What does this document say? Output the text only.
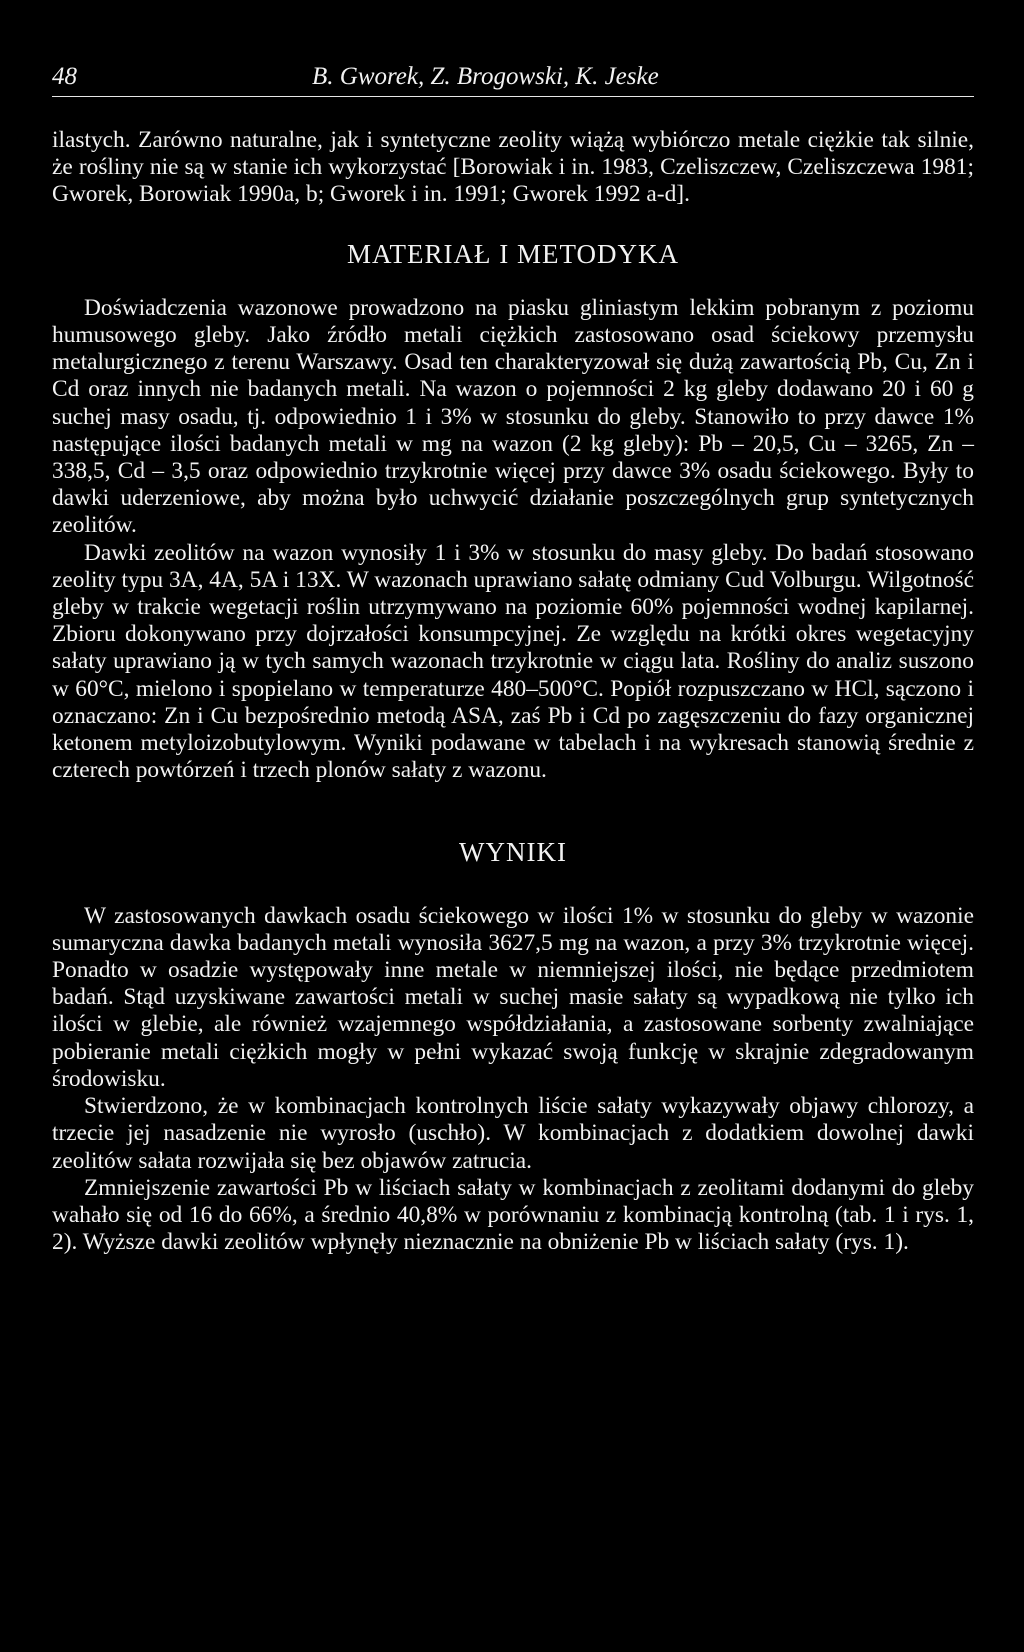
48	B. Gworek, Z. Brogowski, K. Jeske

ilastych. Zarówno naturalne, jak i syntetyczne zeolity wiążą wybiórczo metale ciężkie tak silnie, że rośliny nie są w stanie ich wykorzystać [Borowiak i in. 1983, Czeliszczew, Czeliszczewa 1981; Gworek, Borowiak 1990a, b; Gworek i in. 1991; Gworek 1992 a-d].

MATERIAŁ I METODYKA

Doświadczenia wazonowe prowadzono na piasku gliniastym lekkim pobranym z poziomu humusowego gleby. Jako źródło metali ciężkich zastosowano osad ściekowy przemysłu metalurgicznego z terenu Warszawy. Osad ten charakteryzował się dużą zawartością Pb, Cu, Zn i Cd oraz innych nie badanych metali. Na wazon o pojemności 2 kg gleby dodawano 20 i 60 g suchej masy osadu, tj. odpowiednio 1 i 3% w stosunku do gleby. Stanowiło to przy dawce 1% następujące ilości badanych metali w mg na wazon (2 kg gleby): Pb – 20,5, Cu – 3265, Zn – 338,5, Cd – 3,5 oraz odpowiednio trzykrotnie więcej przy dawce 3% osadu ściekowego. Były to dawki uderzeniowe, aby można było uchwycić działanie poszczególnych grup syntetycznych zeolitów.

Dawki zeolitów na wazon wynosiły 1 i 3% w stosunku do masy gleby. Do badań stosowano zeolity typu 3A, 4A, 5A i 13X. W wazonach uprawiano sałatę odmiany Cud Volburgu. Wilgotność gleby w trakcie wegetacji roślin utrzymywano na poziomie 60% pojemności wodnej kapilarnej. Zbioru dokonywano przy dojrzałości konsumpcyjnej. Ze względu na krótki okres wegetacyjny sałaty uprawiano ją w tych samych wazonach trzykrotnie w ciągu lata. Rośliny do analiz suszono w 60°C, mielono i spopielano w temperaturze 480–500°C. Popiół rozpuszczano w HCl, sączono i oznaczano: Zn i Cu bezpośrednio metodą ASA, zaś Pb i Cd po zagęszczeniu do fazy organicznej ketonem metyloizobutylowym. Wyniki podawane w tabelach i na wykresach stanowią średnie z czterech powtórzeń i trzech plonów sałaty z wazonu.

WYNIKI

W zastosowanych dawkach osadu ściekowego w ilości 1% w stosunku do gleby w wazonie sumaryczna dawka badanych metali wynosiła 3627,5 mg na wazon, a przy 3% trzykrotnie więcej. Ponadto w osadzie występowały inne metale w niemniejszej ilości, nie będące przedmiotem badań. Stąd uzyskiwane zawartości metali w suchej masie sałaty są wypadkową nie tylko ich ilości w glebie, ale również wzajemnego współdziałania, a zastosowane sorbenty zwalniające pobieranie metali ciężkich mogły w pełni wykazać swoją funkcję w skrajnie zdegradowanym środowisku.

Stwierdzono, że w kombinacjach kontrolnych liście sałaty wykazywały objawy chlorozy, a trzecie jej nasadzenie nie wyrosło (uschło). W kombinacjach z dodatkiem dowolnej dawki zeolitów sałata rozwijała się bez objawów zatrucia.

Zmniejszenie zawartości Pb w liściach sałaty w kombinacjach z zeolitami dodanymi do gleby wahało się od 16 do 66%, a średnio 40,8% w porównaniu z kombinacją kontrolną (tab. 1 i rys. 1, 2). Wyższe dawki zeolitów wpłynęły nieznacznie na obniżenie Pb w liściach sałaty (rys. 1).
